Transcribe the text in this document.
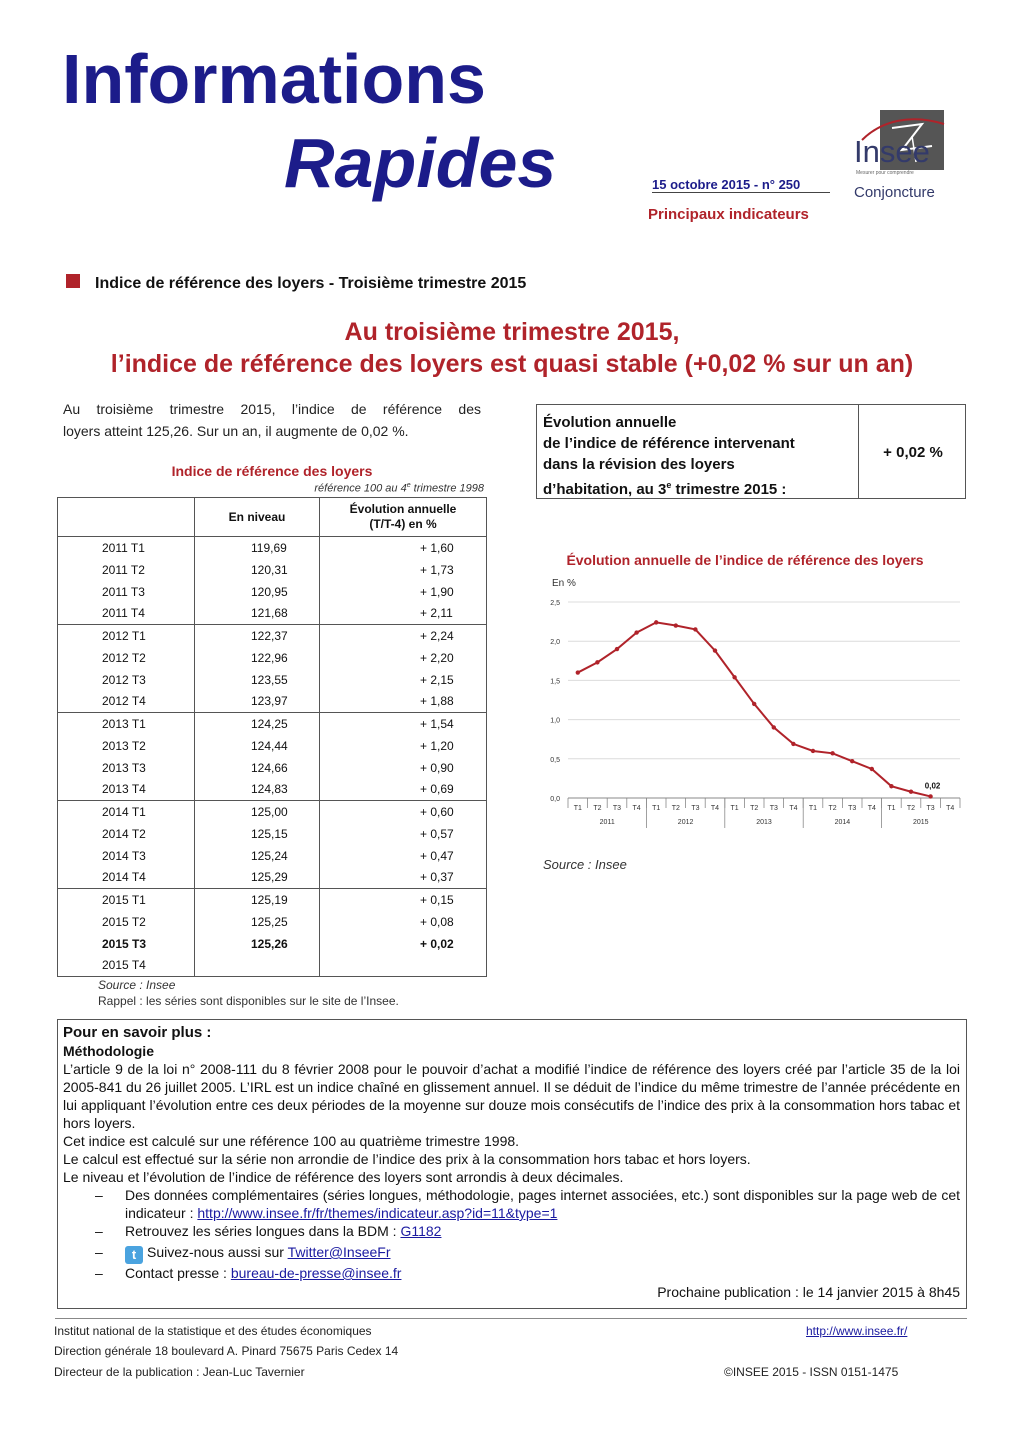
Informations
Rapides	15 octobre 2015 - n° 250
Principaux indicateurs
Insee
Mesurer pour comprendre
Conjoncture
Indice de référence des loyers - Troisième trimestre 2015
Au troisième trimestre 2015,
l’indice de référence des loyers est quasi stable (+0,02 % sur un an)
Au troisième trimestre 2015, l’indice de référence des
loyers atteint 125,26. Sur un an, il augmente de 0,02 %.
Indice de référence des loyers
référence 100 au 4e trimestre 1998
	En niveau	Évolution annuelle
(T/T-4) en %

2011 T1	119,69	+ 1,60
2011 T2	120,31	+ 1,73
2011 T3	120,95	+ 1,90
2011 T4	121,68	+ 2,11
2012 T1	122,37	+ 2,24
2012 T2	122,96	+ 2,20
2012 T3	123,55	+ 2,15
2012 T4	123,97	+ 1,88
2013 T1	124,25	+ 1,54
2013 T2	124,44	+ 1,20
2013 T3	124,66	+ 0,90
2013 T4	124,83	+ 0,69
2014 T1	125,00	+ 0,60
2014 T2	125,15	+ 0,57
2014 T3	125,24	+ 0,47
2014 T4	125,29	+ 0,37
2015 T1	125,19	+ 0,15
2015 T2	125,25	+ 0,08
2015 T3	125,26	+ 0,02
2015 T4		
Source : Insee
Rappel : les séries sont disponibles sur le site de l’Insee.
Évolution annuelle
de l’indice de référence intervenant
dans la révision des loyers
d’habitation, au 3e trimestre 2015 :
+ 0,02 %
Évolution annuelle de l’indice de référence des loyers
En %
0,0
0,5
1,0
1,5
2,0
2,5
T1 T2 T3 T4 T1 T2 T3 T4 T1 T2 T3 T4 T1 T2 T3 T4 T1 T2 T3 T4
2011	2012	2013	2014	2015
0,02
Source : Insee
Pour en savoir plus :
Méthodologie

L’article 9 de la loi n° 2008-111 du 8 février 2008 pour le pouvoir d’achat a modifié l’indice de référence des loyers créé par l’article 35 de la loi 2005-841 du 26 juillet 2005. L’IRL est un indice chaîné en glissement annuel. Il se déduit de l’indice du même trimestre de l’année précédente en lui appliquant l’évolution entre ces deux périodes de la moyenne sur douze mois consécutifs de l’indice des prix à la consommation hors tabac et hors loyers.

Cet indice est calculé sur une référence 100 au quatrième trimestre 1998.

Le calcul est effectué sur la série non arrondie de l’indice des prix à la consommation hors tabac et hors loyers.

Le niveau et l’évolution de l’indice de référence des loyers sont arrondis à deux décimales.

– Des données complémentaires (séries longues, méthodologie, pages internet associées, etc.) sont disponibles sur la page web de cet indicateur : http://www.insee.fr/fr/themes/indicateur.asp?id=11&type=1
– Retrouvez les séries longues dans la BDM : G1182
– t Suivez-nous aussi sur Twitter@InseeFr
– Contact presse : bureau-de-presse@insee.fr
Prochaine publication : le 14 janvier 2015 à 8h45
Institut national de la statistique et des études économiques
Direction générale 18 boulevard A. Pinard 75675 Paris Cedex 14
Directeur de la publication : Jean-Luc Tavernier
http://www.insee.fr/
©INSEE 2015 - ISSN 0151-1475
